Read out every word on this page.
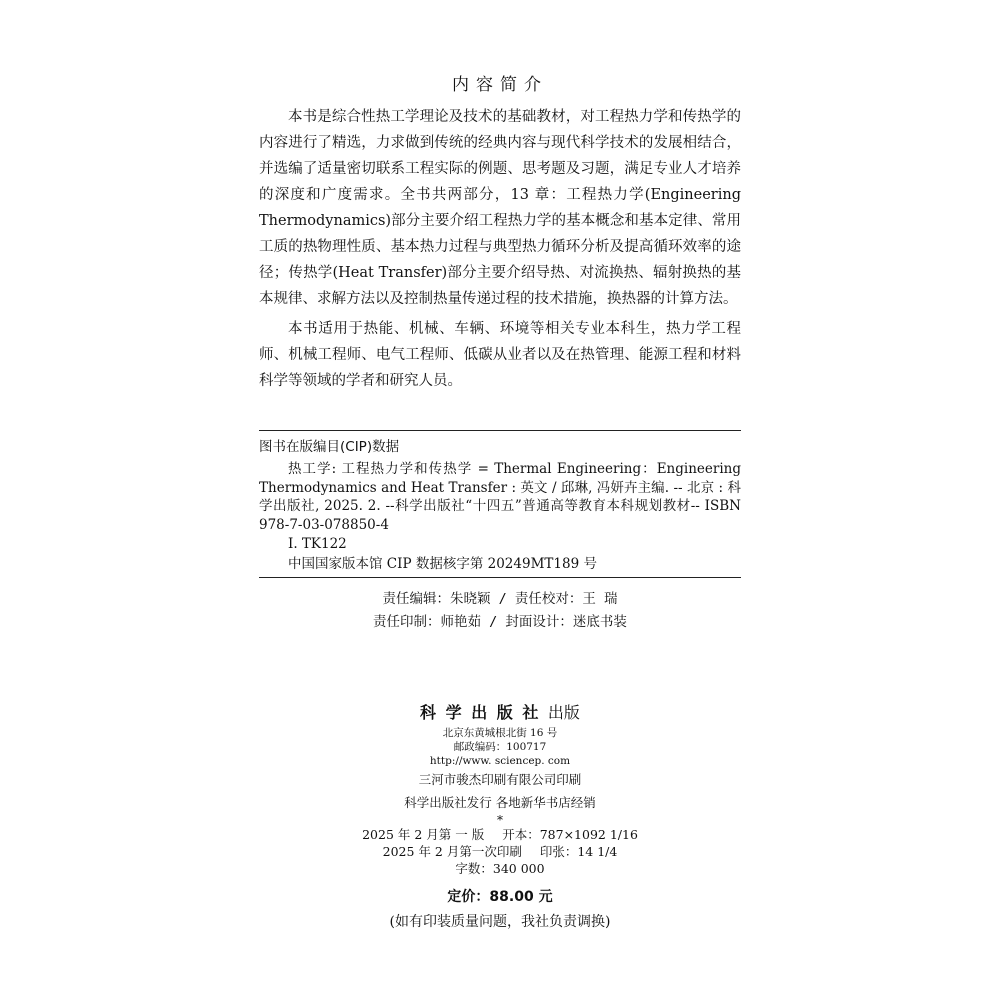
内容简介

本书是综合性热工学理论及技术的基础教材，对工程热力学和传热学的内容进行了精选，力求做到传统的经典内容与现代科学技术的发展相结合，并选编了适量密切联系工程实际的例题、思考题及习题，满足专业人才培养的深度和广度需求。全书共两部分，13 章：工程热力学(Engineering Thermodynamics)部分主要介绍工程热力学的基本概念和基本定律、常用工质的热物理性质、基本热力过程与典型热力循环分析及提高循环效率的途径；传热学(Heat Transfer)部分主要介绍导热、对流换热、辐射换热的基本规律、求解方法以及控制热量传递过程的技术措施，换热器的计算方法。

本书适用于热能、机械、车辆、环境等相关专业本科生，热力学工程师、机械工程师、电气工程师、低碳从业者以及在热管理、能源工程和材料科学等领域的学者和研究人员。

图书在版编目(CIP)数据

热工学: 工程热力学和传热学 = Thermal Engineering：Engineering Thermodynamics and Heat Transfer : 英文 / 邱琳, 冯妍卉主编. -- 北京 : 科学出版社, 2025. 2. --科学出版社“十四五”普通高等教育本科规划教材-- ISBN 978-7-03-078850-4

Ⅰ. TK122
中国国家版本馆 CIP 数据核字第 20249MT189 号
责任编辑：朱晓颖 / 责任校对：王 瑞
责任印制：师艳茹 / 封面设计：迷底书装
科 学 出 版 社 出版
北京东黄城根北街 16 号
邮政编码：100717
http://www. sciencep. com
三河市骏杰印刷有限公司印刷
科学出版社发行 各地新华书店经销
*
2025 年 2 月第 一 版 开本：787×1092 1/16
2025 年 2 月第一次印刷 印张：14 1/4
字数：340 000
定价：88.00 元
(如有印装质量问题，我社负责调换)
